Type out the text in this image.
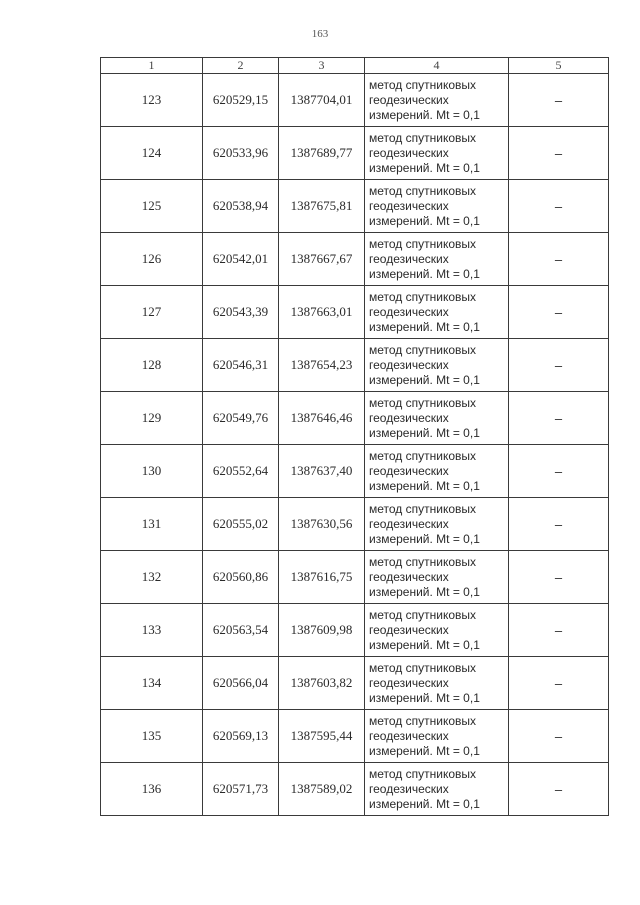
163
1	2	3	4	5
123	620529,15	1387704,01	метод спутниковых
геодезических
измерений. Mt = 0,1	–
124	620533,96	1387689,77	метод спутниковых
геодезических
измерений. Mt = 0,1	–
125	620538,94	1387675,81	метод спутниковых
геодезических
измерений. Mt = 0,1	–
126	620542,01	1387667,67	метод спутниковых
геодезических
измерений. Mt = 0,1	–
127	620543,39	1387663,01	метод спутниковых
геодезических
измерений. Mt = 0,1	–
128	620546,31	1387654,23	метод спутниковых
геодезических
измерений. Mt = 0,1	–
129	620549,76	1387646,46	метод спутниковых
геодезических
измерений. Mt = 0,1	–
130	620552,64	1387637,40	метод спутниковых
геодезических
измерений. Mt = 0,1	–
131	620555,02	1387630,56	метод спутниковых
геодезических
измерений. Mt = 0,1	–
132	620560,86	1387616,75	метод спутниковых
геодезических
измерений. Mt = 0,1	–
133	620563,54	1387609,98	метод спутниковых
геодезических
измерений. Mt = 0,1	–
134	620566,04	1387603,82	метод спутниковых
геодезических
измерений. Mt = 0,1	–
135	620569,13	1387595,44	метод спутниковых
геодезических
измерений. Mt = 0,1	–
136	620571,73	1387589,02	метод спутниковых
геодезических
измерений. Mt = 0,1	–
